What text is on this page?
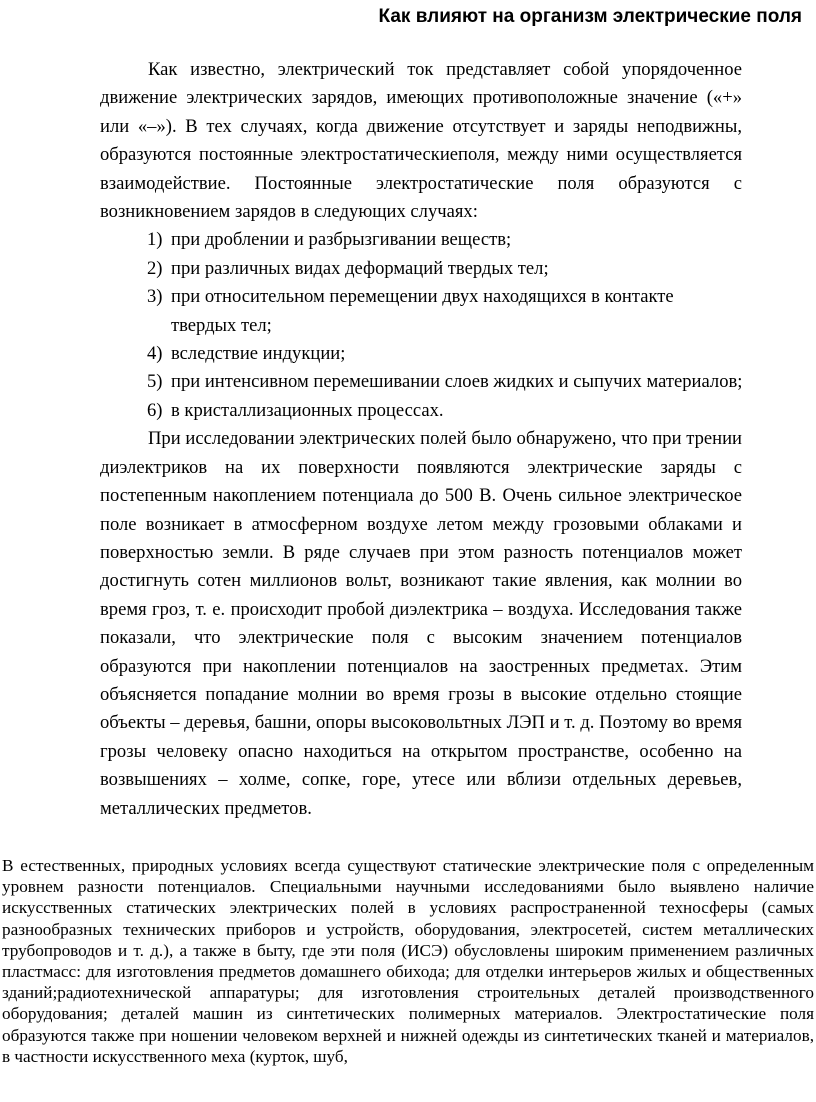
Как влияют на организм электрические поля

Как известно, электрический ток представляет собой упорядоченное движение электрических зарядов, имеющих противоположные значение («+» или «–»). В тех случаях, когда движение отсутствует и заряды неподвижны, образуются постоянные электростатическиеполя, между ними осуществляется взаимодействие. Постоянные электростатические поля образуются с возникновением зарядов в следующих случаях:

1) при дроблении и разбрызгивании веществ;
2) при различных видах деформаций твердых тел;
3) при относительном перемещении двух находящихся в контакте твердых тел;
4) вследствие индукции;
5) при интенсивном перемешивании слоев жидких и сыпучих материалов;
6) в кристаллизационных процессах.

При исследовании электрических полей было обнаружено, что при трении диэлектриков на их поверхности появляются электрические заряды с постепенным накоплением потенциала до 500 В. Очень сильное электрическое поле возникает в атмосферном воздухе летом между грозовыми облаками и поверхностью земли. В ряде случаев при этом разность потенциалов может достигнуть сотен миллионов вольт, возникают такие явления, как молнии во время гроз, т. е. происходит пробой диэлектрика – воздуха. Исследования также показали, что электрические поля с высоким значением потенциалов образуются при накоплении потенциалов на заостренных предметах. Этим объясняется попадание молнии во время грозы в высокие отдельно стоящие объекты – деревья, башни, опоры высоковольтных ЛЭП и т. д. Поэтому во время грозы человеку опасно находиться на открытом пространстве, особенно на возвышениях – холме, сопке, горе, утесе или вблизи отдельных деревьев, металлических предметов.

В естественных, природных условиях всегда существуют статические электрические поля с определенным уровнем разности потенциалов. Специальными научными исследованиями было выявлено наличие искусственных статических электрических полей в условиях распространенной техносферы (самых разнообразных технических приборов и устройств, оборудования, электросетей, систем металлических трубопроводов и т. д.), а также в быту, где эти поля (ИСЭ) обусловлены широким применением различных пластмасс: для изготовления предметов домашнего обихода; для отделки интерьеров жилых и общественных зданий;радиотехнической аппаратуры; для изготовления строительных деталей производственного оборудования; деталей машин из синтетических полимерных материалов. Электростатические поля образуются также при ношении человеком верхней и нижней одежды из синтетических тканей и материалов, в частности искусственного меха (курток, шуб,
